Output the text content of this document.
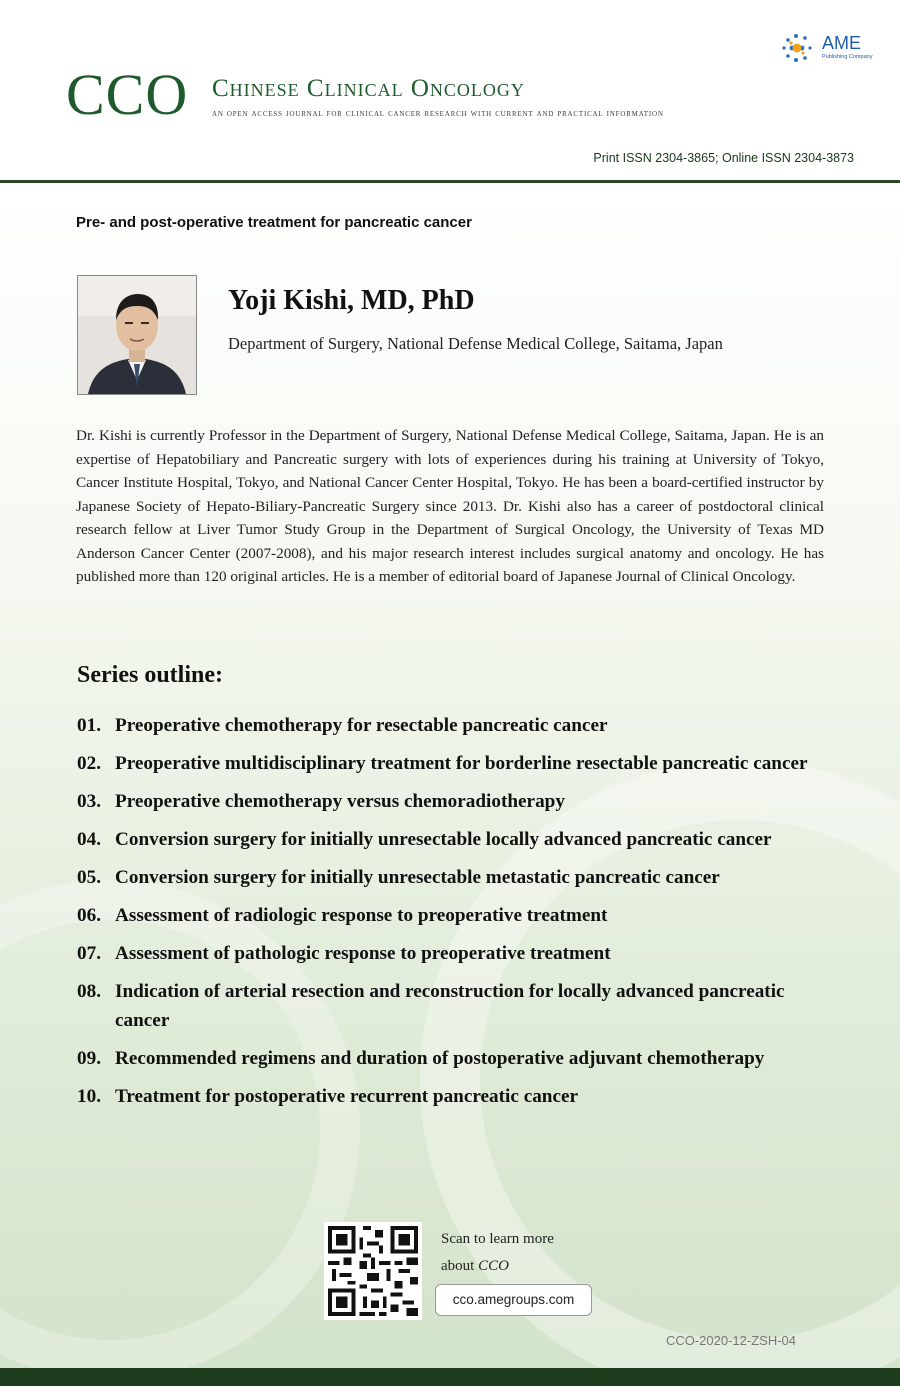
CCO Chinese Clinical Oncology
an open access journal for clinical cancer research with current and practical information
AME
Publishing Company
Print ISSN 2304-3865; Online ISSN 2304-3873
Pre- and post-operative treatment for pancreatic cancer
Yoji Kishi, MD, PhD
Department of Surgery, National Defense Medical College, Saitama, Japan
Dr. Kishi is currently Professor in the Department of Surgery, National Defense Medical College, Saitama, Japan. He is an expertise of Hepatobiliary and Pancreatic surgery with lots of experiences during his training at University of Tokyo, Cancer Institute Hospital, Tokyo, and National Cancer Center Hospital, Tokyo. He has been a board-certified instructor by Japanese Society of Hepato-Biliary-Pancreatic Surgery since 2013. Dr. Kishi also has a career of postdoctoral clinical research fellow at Liver Tumor Study Group in the Department of Surgical Oncology, the University of Texas MD Anderson Cancer Center (2007-2008), and his major research interest includes surgical anatomy and oncology. He has published more than 120 original articles. He is a member of editorial board of Japanese Journal of Clinical Oncology.
Series outline:
01. Preoperative chemotherapy for resectable pancreatic cancer
02. Preoperative multidisciplinary treatment for borderline resectable pancreatic cancer
03. Preoperative chemotherapy versus chemoradiotherapy
04. Conversion surgery for initially unresectable locally advanced pancreatic cancer
05. Conversion surgery for initially unresectable metastatic pancreatic cancer
06. Assessment of radiologic response to preoperative treatment
07. Assessment of pathologic response to preoperative treatment
08. Indication of arterial resection and reconstruction for locally advanced pancreatic cancer
09. Recommended regimens and duration of postoperative adjuvant chemotherapy
10. Treatment for postoperative recurrent pancreatic cancer
Scan to learn more
about CCO
cco.amegroups.com
CCO-2020-12-ZSH-04
